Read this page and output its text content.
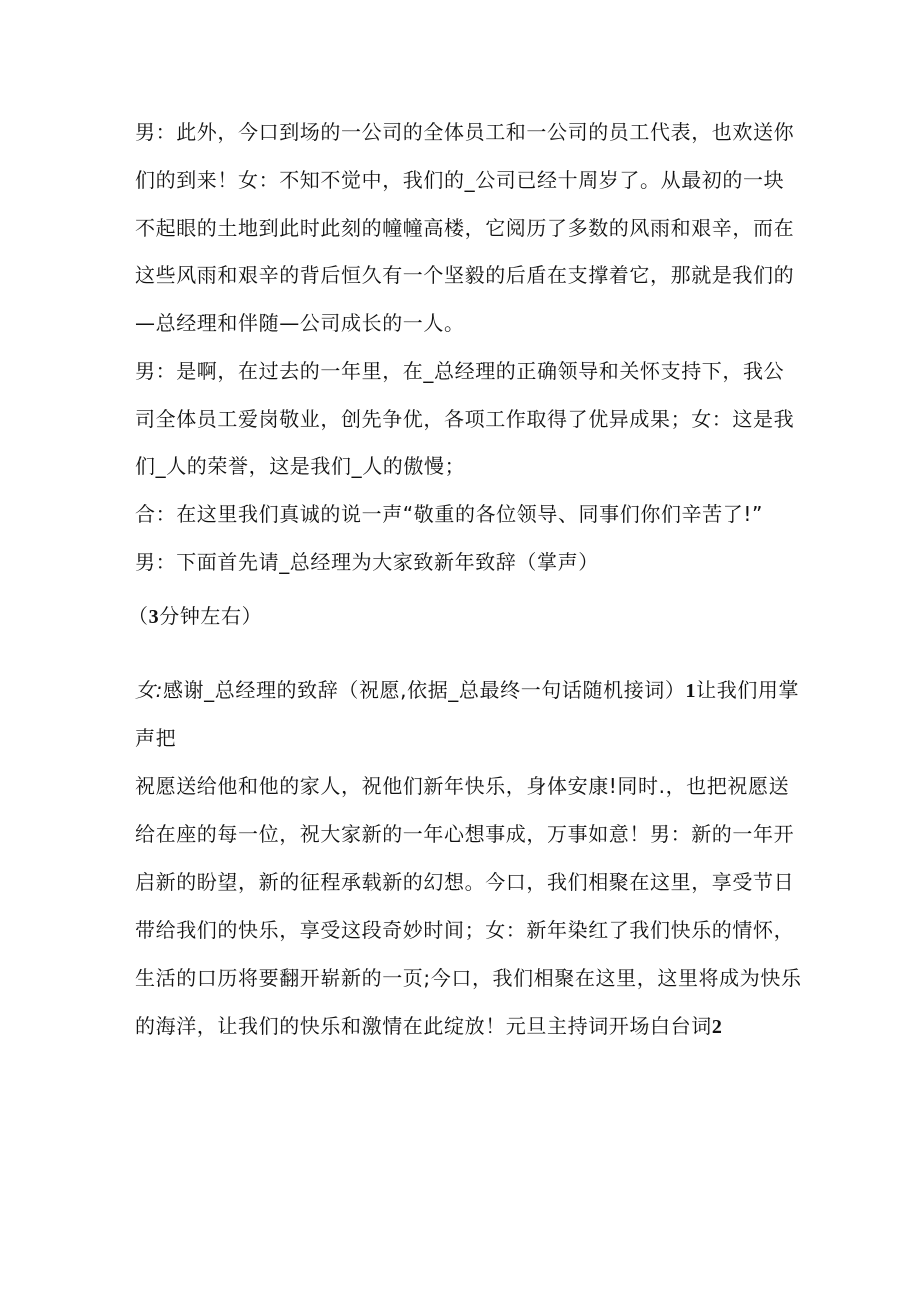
男：此外，今口到场的一公司的全体员工和一公司的员工代表，也欢送你
们的到来！女：不知不觉中，我们的_公司已经十周岁了。从最初的一块
不起眼的土地到此时此刻的幢幢高楼，它阅历了多数的风雨和艰辛，而在
这些风雨和艰辛的背后恒久有一个坚毅的后盾在支撑着它，那就是我们的
—总经理和伴随—公司成长的一人。
男：是啊，在过去的一年里，在_总经理的正确领导和关怀支持下，我公
司全体员工爱岗敬业，创先争优，各项工作取得了优异成果；女：这是我
们_人的荣誉，这是我们_人的傲慢；
合：在这里我们真诚的说一声“敬重的各位领导、同事们你们辛苦了!”
男：下面首先请_总经理为大家致新年致辞（掌声）
（3分钟左右）
女:感谢_总经理的致辞（祝愿,依据_总最终一句话随机接词）1让我们用掌
声把
祝愿送给他和他的家人，祝他们新年快乐，身体安康!同时.，也把祝愿送
给在座的每一位，祝大家新的一年心想事成，万事如意！男：新的一年开
启新的盼望，新的征程承载新的幻想。今口，我们相聚在这里，享受节日
带给我们的快乐，享受这段奇妙时间；女：新年染红了我们快乐的情怀，
生活的口历将要翻开崭新的一页;今口，我们相聚在这里，这里将成为快乐
的海洋，让我们的快乐和激情在此绽放！元旦主持词开场白台词2
